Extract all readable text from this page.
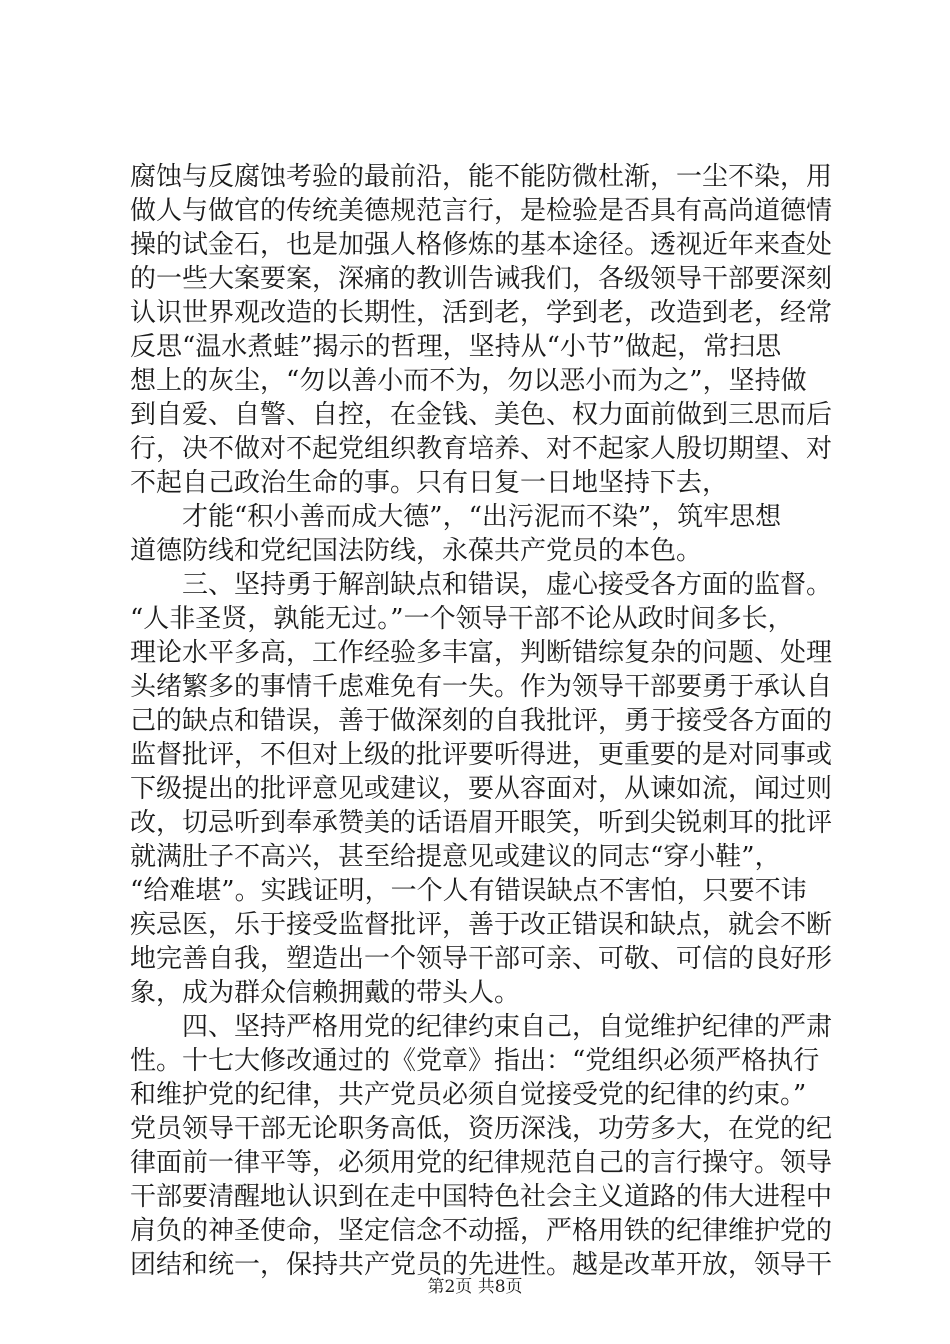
腐蚀与反腐蚀考验的最前沿，能不能防微杜渐，一尘不染，用
做人与做官的传统美德规范言行，是检验是否具有高尚道德情
操的试金石，也是加强人格修炼的基本途径。透视近年来查处
的一些大案要案，深痛的教训告诫我们，各级领导干部要深刻
认识世界观改造的长期性，活到老，学到老，改造到老，经常
反思“温水煮蛙”揭示的哲理，坚持从“小节”做起，常扫思
想上的灰尘，“勿以善小而不为，勿以恶小而为之”，坚持做
到自爱、自警、自控，在金钱、美色、权力面前做到三思而后
行，决不做对不起党组织教育培养、对不起家人殷切期望、对
不起自己政治生命的事。只有日复一日地坚持下去，
才能“积小善而成大德”，“出污泥而不染”，筑牢思想
道德防线和党纪国法防线，永葆共产党员的本色。
三、坚持勇于解剖缺点和错误，虚心接受各方面的监督。
“人非圣贤，孰能无过。”一个领导干部不论从政时间多长，
理论水平多高，工作经验多丰富，判断错综复杂的问题、处理
头绪繁多的事情千虑难免有一失。作为领导干部要勇于承认自
己的缺点和错误，善于做深刻的自我批评，勇于接受各方面的
监督批评，不但对上级的批评要听得进，更重要的是对同事或
下级提出的批评意见或建议，要从容面对，从谏如流，闻过则
改，切忌听到奉承赞美的话语眉开眼笑，听到尖锐刺耳的批评
就满肚子不高兴，甚至给提意见或建议的同志“穿小鞋”，
“给难堪”。实践证明，一个人有错误缺点不害怕，只要不讳
疾忌医，乐于接受监督批评，善于改正错误和缺点，就会不断
地完善自我，塑造出一个领导干部可亲、可敬、可信的良好形
象，成为群众信赖拥戴的带头人。
四、坚持严格用党的纪律约束自己，自觉维护纪律的严肃
性。十七大修改通过的《党章》指出：“党组织必须严格执行
和维护党的纪律，共产党员必须自觉接受党的纪律的约束。”
党员领导干部无论职务高低，资历深浅，功劳多大，在党的纪
律面前一律平等，必须用党的纪律规范自己的言行操守。领导
干部要清醒地认识到在走中国特色社会主义道路的伟大进程中
肩负的神圣使命，坚定信念不动摇，严格用铁的纪律维护党的
团结和统一，保持共产党员的先进性。越是改革开放，领导干
第2页 共8页
